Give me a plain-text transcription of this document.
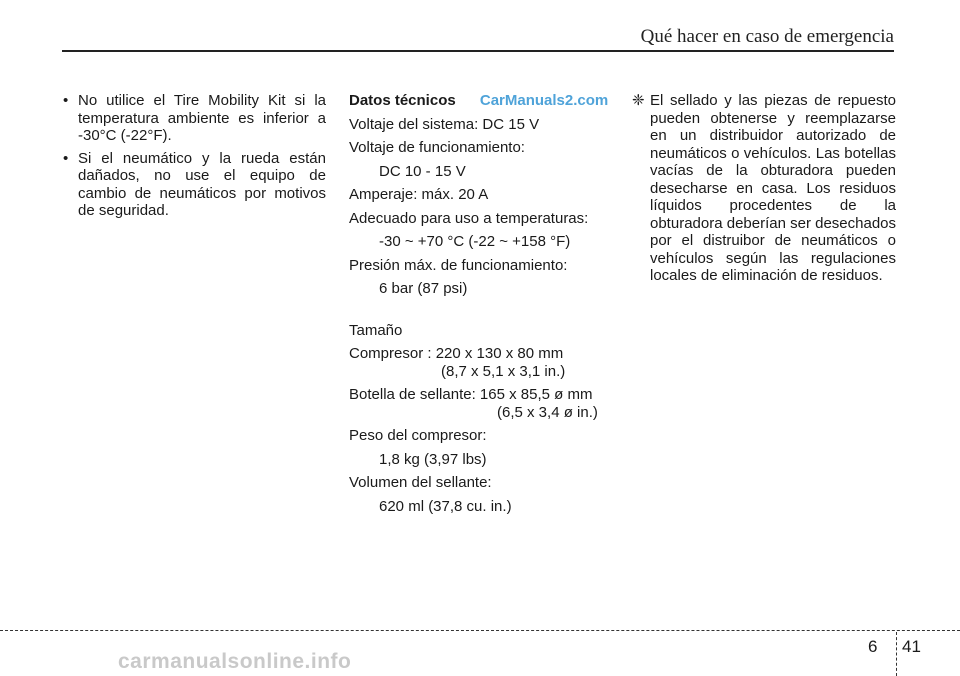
Qué hacer en caso de emergencia
• No utilice el Tire Mobility Kit si la temperatura ambiente es inferior a -30°C (-22°F).
• Si el neumático y la rueda están dañados, no use el equipo de cambio de neumáticos por motivos de seguridad.
Datos técnicos CarManuals2.com
Voltaje del sistema: DC 15 V
Voltaje de funcionamiento:
DC 10 - 15 V
Amperaje: máx. 20 A
Adecuado para uso a temperaturas:
-30 ~ +70 °C (-22 ~ +158 °F)
Presión máx. de funcionamiento:
6 bar (87 psi)
Tamaño
Compresor : 220 x 130 x 80 mm
(8,7 x 5,1 x 3,1 in.)
Botella de sellante: 165 x 85,5 ø mm
(6,5 x 3,4 ø in.)
Peso del compresor:
1,8 kg (3,97 lbs)
Volumen del sellante:
620 ml (37,8 cu. in.)
❈ El sellado y las piezas de repuesto pueden obtenerse y reemplazarse en un distribuidor autorizado de neumáticos o vehículos. Las botellas vacías de la obturadora pueden desecharse en casa. Los residuos líquidos procedentes de la obturadora deberían ser desechados por el distruibor de neumáticos o vehículos según las regulaciones locales de eliminación de residuos.
6 41
carmanualsonline.info
